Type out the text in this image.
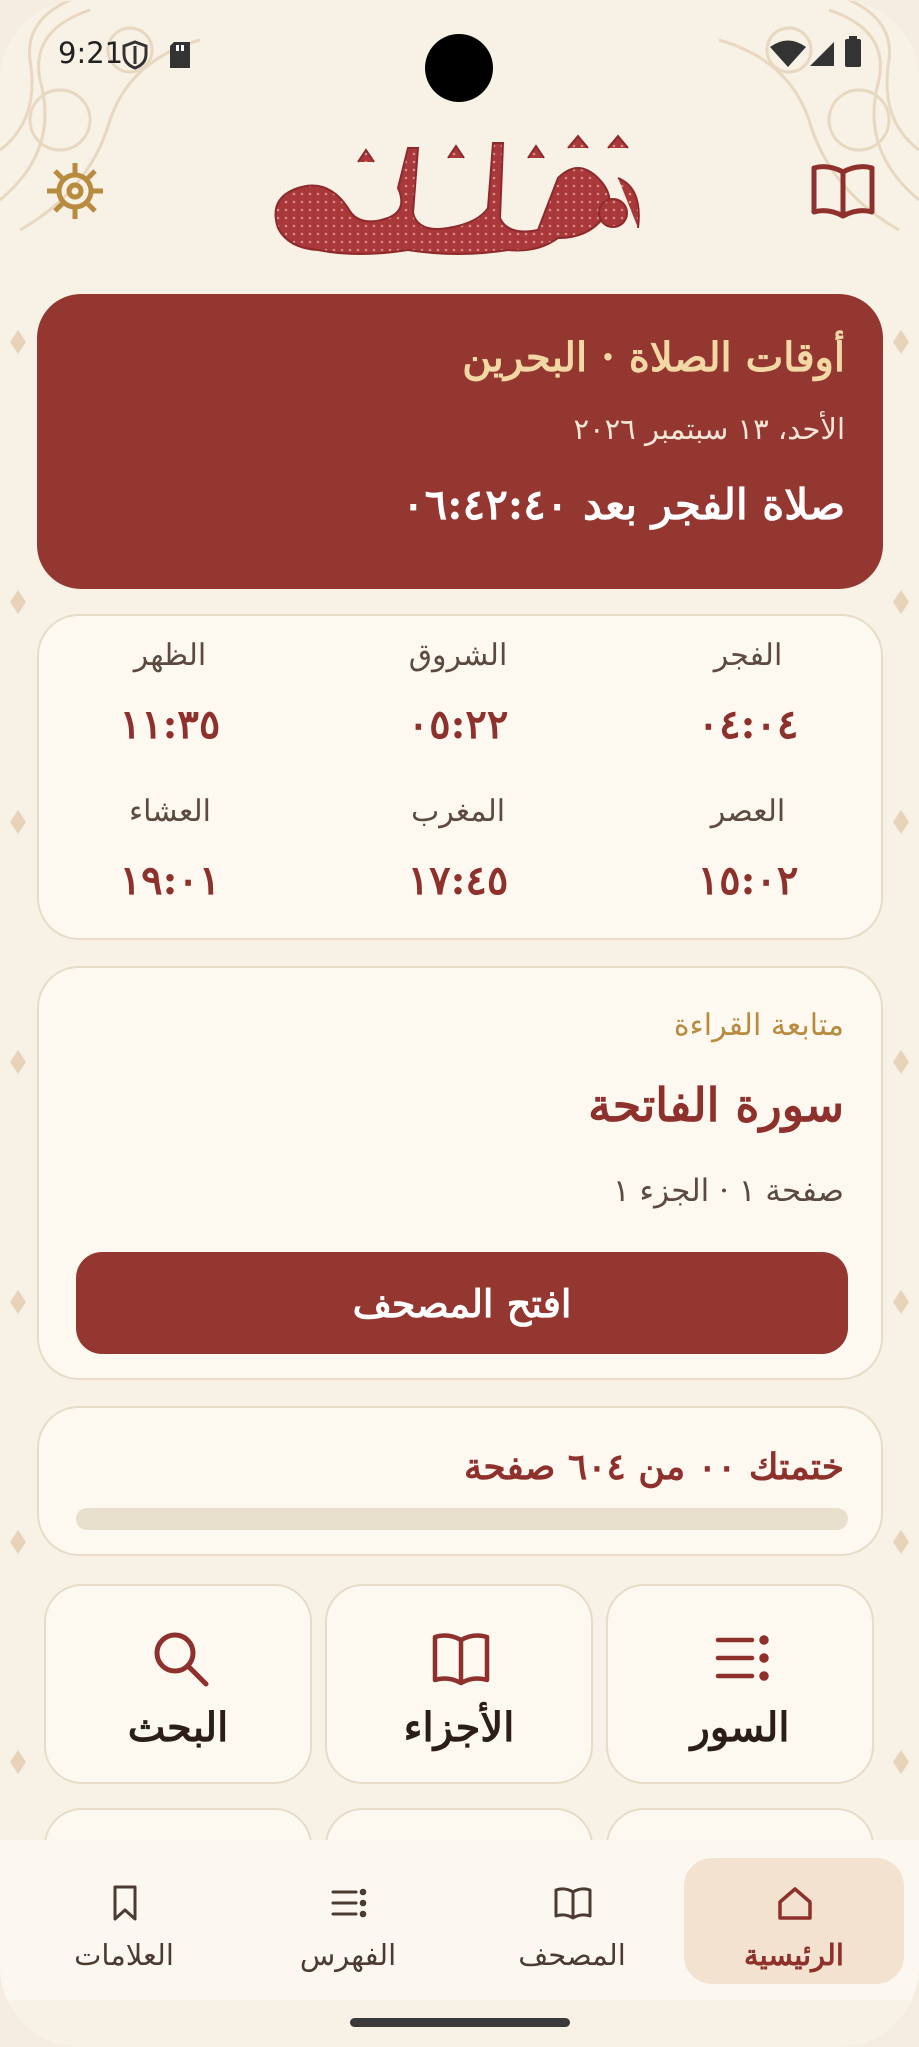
9:21
أوقات الصلاة · البحرين
الأحد، ١٣ سبتمبر ٢٠٢٦
صلاة الفجر بعد ٠٦:٤٢:٤٠
الفجر
٠٤:٠٤
الشروق
٠٥:٢٢
الظهر
١١:٣٥
العصر
١٥:٠٢
المغرب
١٧:٤٥
العشاء
١٩:٠١
متابعة القراءة
سورة الفاتحة
صفحة ١ · الجزء ١
افتح المصحف
ختمتك ٠٠ من ٦٠٤ صفحة
السور
الأجزاء
البحث
الرئيسية
المصحف
الفهرس
العلامات
